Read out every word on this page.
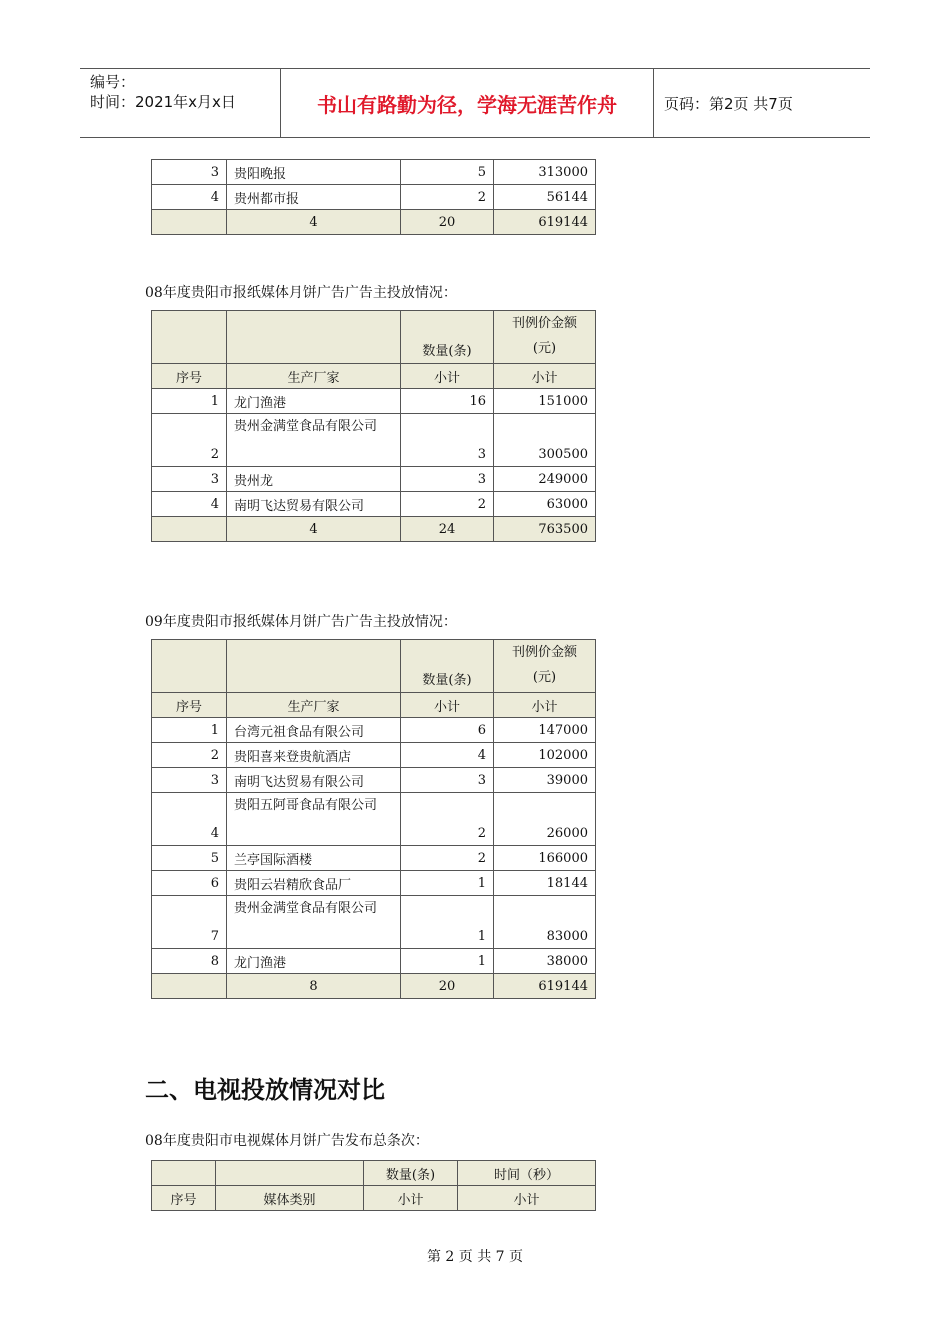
编号：
时间：2021年x月x日	书山有路勤为径，学海无涯苦作舟	页码：第2页 共7页
3	贵阳晚报	5	313000
4	贵州都市报	2	56144
	4	20	619144
08年度贵阳市报纸媒体月饼广告广告主投放情况：
		数量(条)	刊例价金额(元)
序号	生产厂家	小计	小计
1	龙门渔港	16	151000
2	贵州金满堂食品有限公司	3	300500
3	贵州龙	3	249000
4	南明飞达贸易有限公司	2	63000
	4	24	763500
09年度贵阳市报纸媒体月饼广告广告主投放情况：
		数量(条)	刊例价金额(元)
序号	生产厂家	小计	小计
1	台湾元祖食品有限公司	6	147000
2	贵阳喜来登贵航酒店	4	102000
3	南明飞达贸易有限公司	3	39000
4	贵阳五阿哥食品有限公司	2	26000
5	兰亭国际酒楼	2	166000
6	贵阳云岩精欣食品厂	1	18144
7	贵州金满堂食品有限公司	1	83000
8	龙门渔港	1	38000
	8	20	619144
二、电视投放情况对比
08年度贵阳市电视媒体月饼广告发布总条次：
		数量(条)	时间（秒）
序号	媒体类别	小计	小计
第 2 页 共 7 页
